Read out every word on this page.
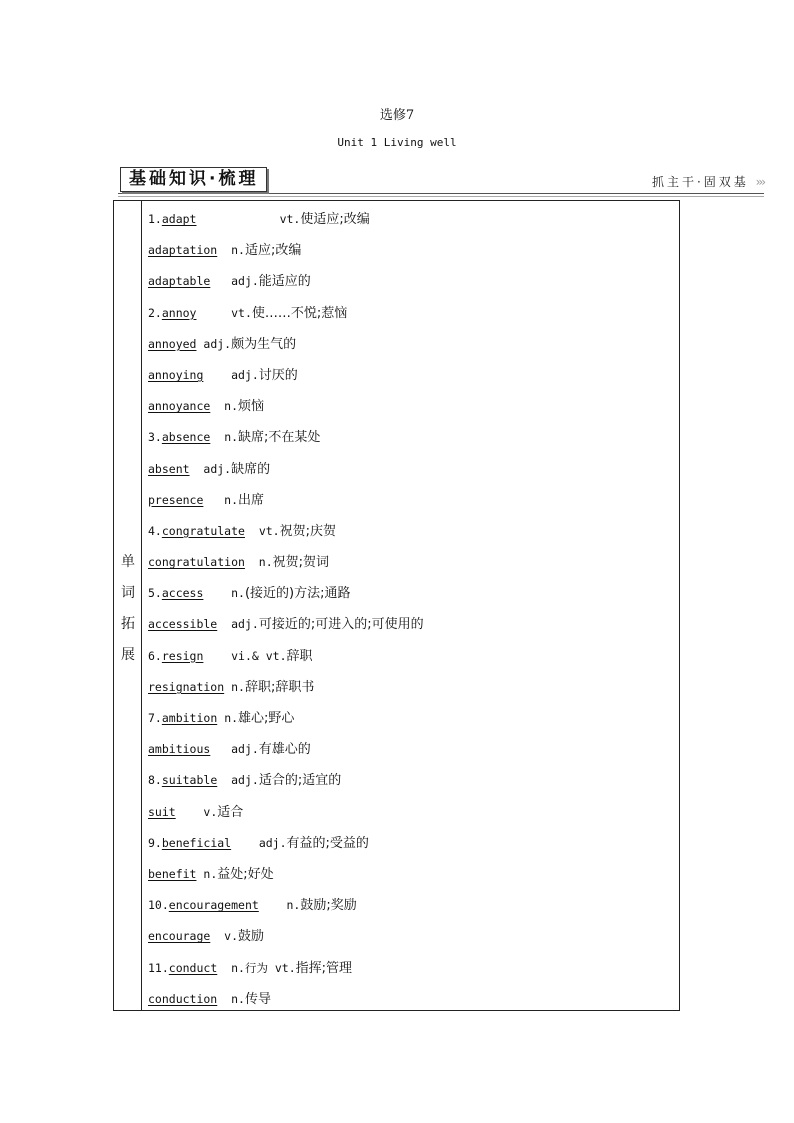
选修7
Unit 1 Living well
基础知识·梳理	抓主干·固双基 ›››
单
词
拓
展
1.adapt	vt.使适应;改编
adaptation n.适应;改编
adaptable adj.能适应的
2.annoy	vt.使……不悦;惹恼
annoyed adj.颇为生气的
annoying adj.讨厌的
annoyance n.烦恼
3.absence n.缺席;不在某处
absent adj.缺席的
presence n.出席
4.congratulate vt.祝贺;庆贺
congratulation n.祝贺;贺词
5.access n.(接近的)方法;通路
accessible adj.可接近的;可进入的;可使用的
6.resign vi.& vt.辞职
resignation n.辞职;辞职书
7.ambition n.雄心;野心
ambitious adj.有雄心的
8.suitable adj.适合的;适宜的
suit v.适合
9.beneficial adj.有益的;受益的
benefit n.益处;好处
10.encouragement n.鼓励;奖励
encourage v.鼓励
11.conduct n.行为 vt.指挥;管理
conduction n.传导
